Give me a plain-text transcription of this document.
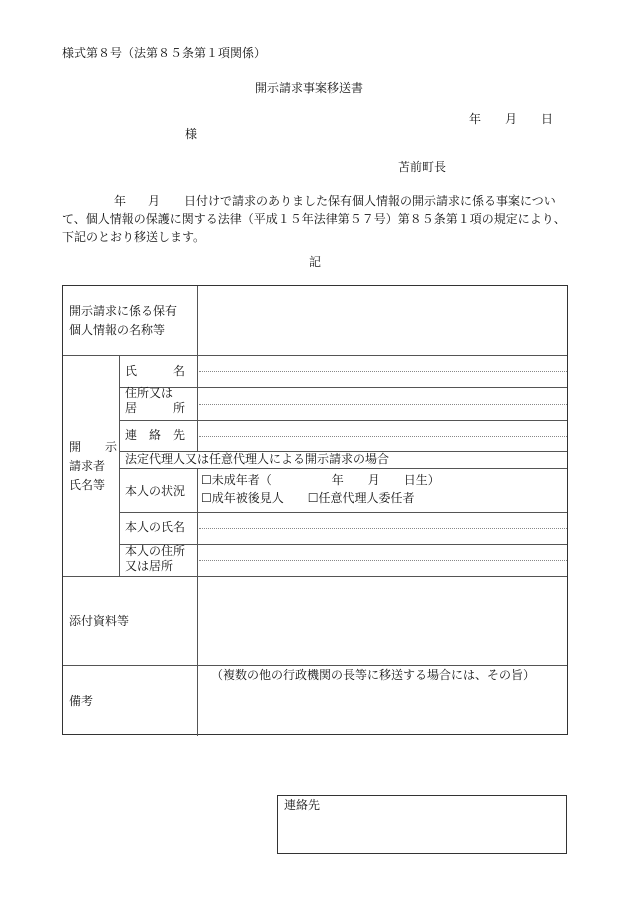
様式第８号（法第８５条第１項関係）
開示請求事案移送書
年 月 日
様
苫前町長
年 月 日付けで請求のありました保有個人情報の開示請求に係る事案につい
て、個人情報の保護に関する法律（平成１５年法律第５７号）第８５条第１項の規定により、
下記のとおり移送します。
記
開示請求に係る保有
個人情報の名称等
開　　示
請求者
氏名等
氏　　　名
住所又は
居　　　所
連　絡　先
法定代理人又は任意代理人による開示請求の場合
本人の状況
☐未成年者（　　　　　年　　月　　日生）
☐成年被後見人　　☐任意代理人委任者
本人の氏名
本人の住所
又は居所
添付資料等
備考
（複数の他の行政機関の長等に移送する場合には、その旨）
連絡先
